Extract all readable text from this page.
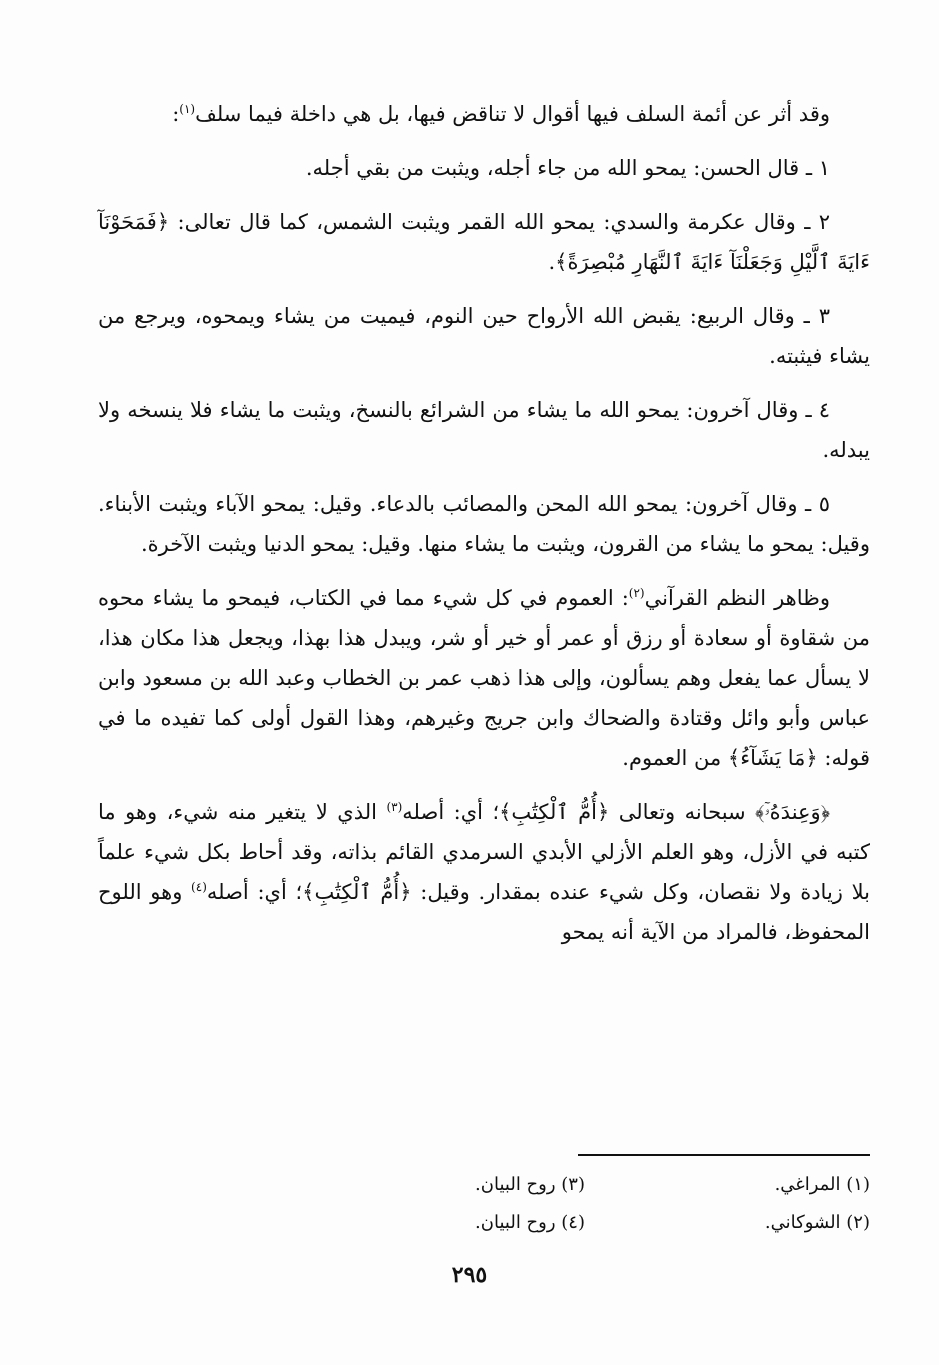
وقد أثر عن أئمة السلف فيها أقوال لا تناقض فيها، بل هي داخلة فيما سلف$^{(١)}$:

١ ـ قال الحسن: يمحو الله من جاء أجله، ويثبت من بقي أجله.

٢ ـ وقال عكرمة والسدي: يمحو الله القمر ويثبت الشمس، كما قال تعالى: ﴿فَمَحَوْنَآ ءَايَةَ ٱلَّيْلِ وَجَعَلْنَآ ءَايَةَ ٱلنَّهَارِ مُبْصِرَةً﴾.

٣ ـ وقال الربيع: يقبض الله الأرواح حين النوم، فيميت من يشاء ويمحوه، ويرجع من يشاء فيثبته.

٤ ـ وقال آخرون: يمحو الله ما يشاء من الشرائع بالنسخ، ويثبت ما يشاء فلا ينسخه ولا يبدله.

٥ ـ وقال آخرون: يمحو الله المحن والمصائب بالدعاء. وقيل: يمحو الآباء ويثبت الأبناء. وقيل: يمحو ما يشاء من القرون، ويثبت ما يشاء منها. وقيل: يمحو الدنيا ويثبت الآخرة.

وظاهر النظم القرآني$^{(٢)}$: العموم في كل شيء مما في الكتاب، فيمحو ما يشاء محوه من شقاوة أو سعادة أو رزق أو عمر أو خير أو شر، ويبدل هذا بهذا، ويجعل هذا مكان هذا، لا يسأل عما يفعل وهم يسألون، وإلى هذا ذهب عمر بن الخطاب وعبد الله بن مسعود وابن عباس وأبو وائل وقتادة والضحاك وابن جريج وغيرهم، وهذا القول أولى كما تفيده ما في قوله: ﴿مَا يَشَآءُ﴾ من العموم.

﴿وَعِندَهُۥٓ﴾ سبحانه وتعالى ﴿أُمُّ ٱلْكِتَٰبِ﴾؛ أي: أصله$^{(٣)}$ الذي لا يتغير منه شيء، وهو ما كتبه في الأزل، وهو العلم الأزلي الأبدي السرمدي القائم بذاته، وقد أحاط بكل شيء علماً بلا زيادة ولا نقصان، وكل شيء عنده بمقدار. وقيل: ﴿أُمُّ ٱلْكِتَٰبِ﴾؛ أي: أصله$^{(٤)}$ وهو اللوح المحفوظ، فالمراد من الآية أنه يمحو

(١) المراغي.
(٣) روح البيان.
(٢) الشوكاني.
(٤) روح البيان.
٢٩٥
